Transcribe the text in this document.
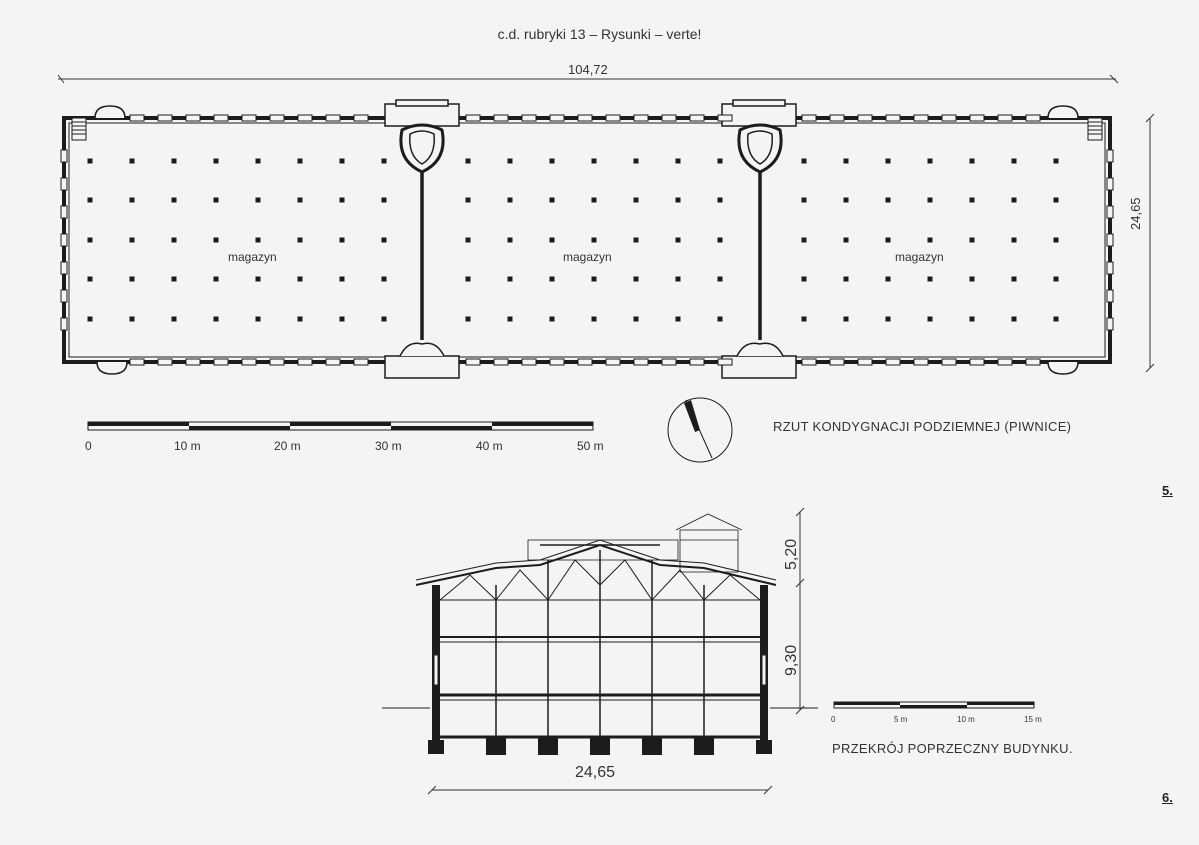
c.d. rubryki 13 – Rysunki – verte!
104,72
24,65
magazyn	magazyn	magazyn
0	10 m	20 m	30 m	40 m	50 m
RZUT KONDYGNACJI PODZIEMNEJ (PIWNICE)
5.
5,20
9,30
24,65
0	5 m	10 m	15 m
PRZEKRÓJ POPRZECZNY BUDYNKU.
6.
